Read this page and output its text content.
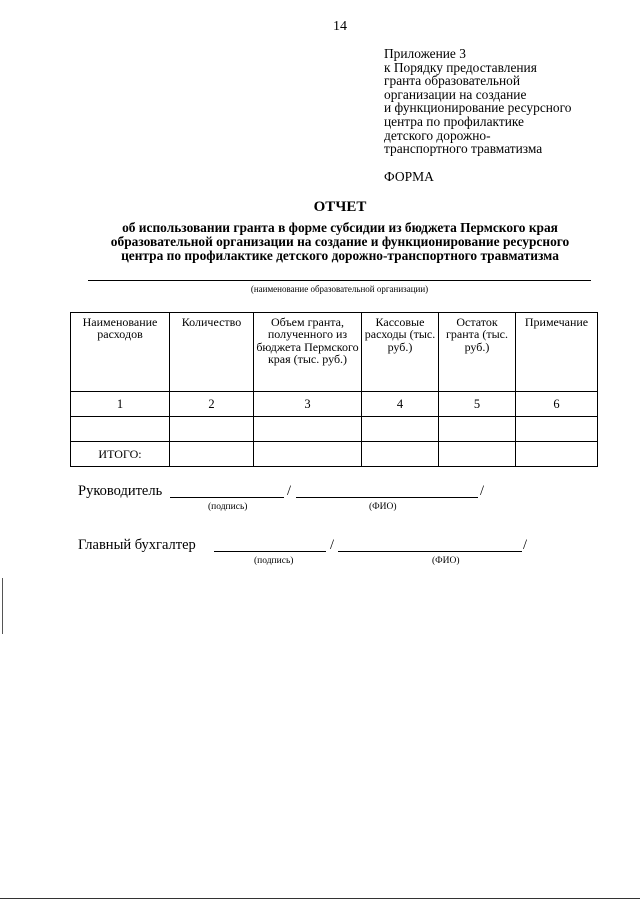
14
Приложение 3
к Порядку предоставления
гранта образовательной
организации на создание
и функционирование ресурсного
центра по профилактике
детского дорожно-
транспортного травматизма
ФОРМА
ОТЧЕТ
об использовании гранта в форме субсидии из бюджета Пермского края
образовательной организации на создание и функционирование ресурсного
центра по профилактике детского дорожно-транспортного травматизма
(наименование образовательной организации)
Наименование расходов	Количество	Объем гранта, полученного из бюджета Пермского края (тыс. руб.)	Кассовые расходы (тыс. руб.)	Остаток гранта (тыс. руб.)	Примечание
1	2	3	4	5	6

ИТОГО:					
Руководитель	/	/
(подпись)	(ФИО)
Главный бухгалтер	/	/
(подпись)	(ФИО)
